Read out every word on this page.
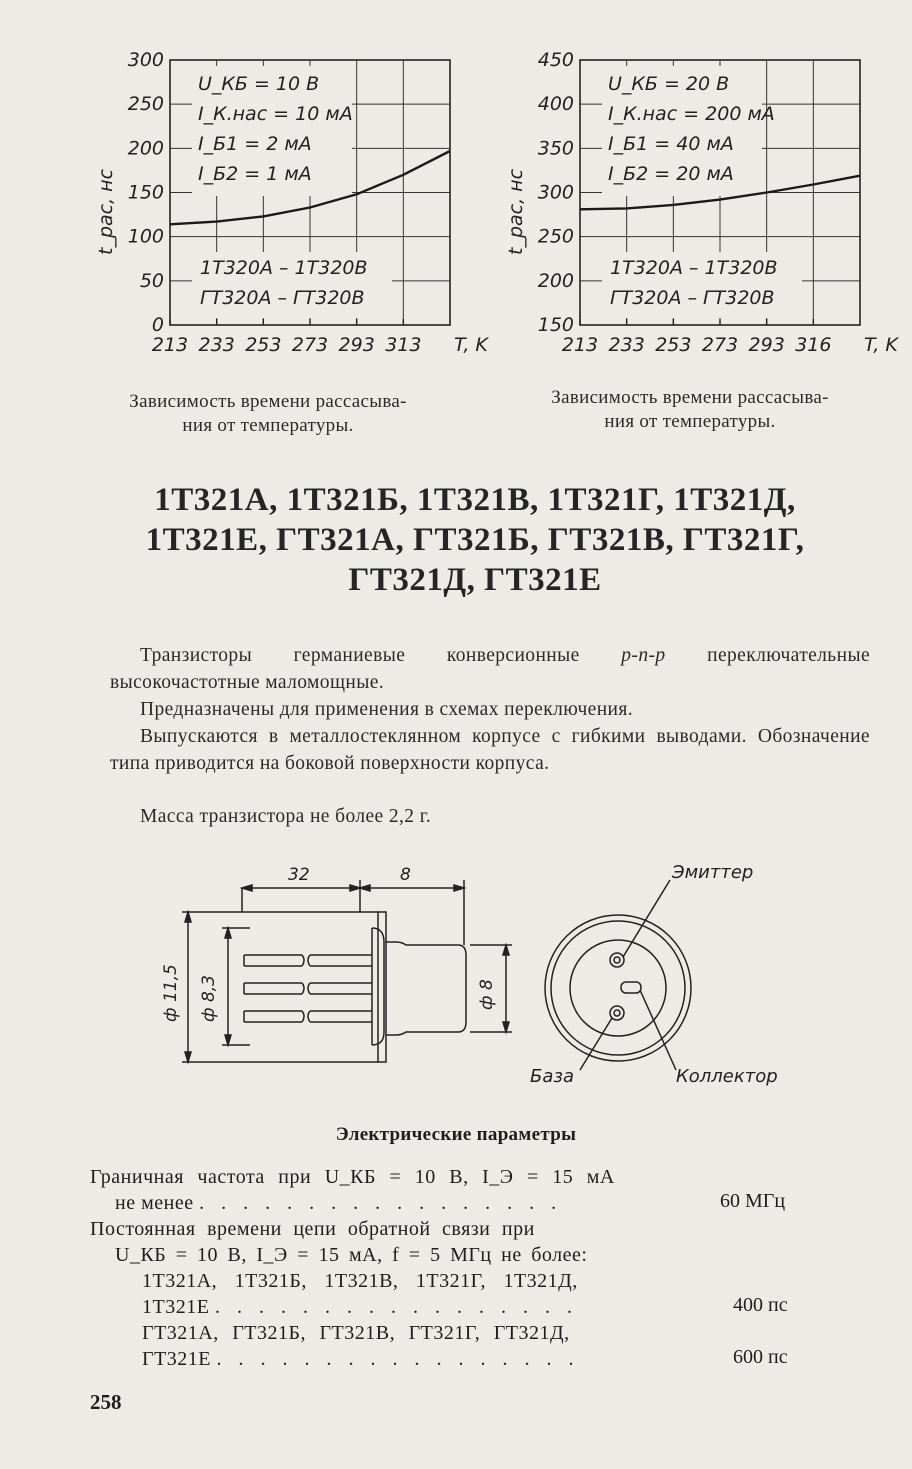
0
50
100
150
200
250
300
213 233 253 273 293 313
U_КБ = 10 В
I_К.нас = 10 мА
I_Б1 = 2 мА
I_Б2 = 1 мА
1Т320А – 1Т320В
ГТ320А – ГТ320В
t_рас, нс
T, K
150
200
250
300
350
400
450
213 233 253 273 293 316
U_КБ = 20 В
I_К.нас = 200 мА
I_Б1 = 40 мА
I_Б2 = 20 мА
1Т320А – 1Т320В
ГТ320А – ГТ320В
t_рас, нс
T, K
Зависимость времени рассасыва-
ния от температуры.
Зависимость времени рассасыва-
ния от температуры.
1Т321А, 1Т321Б, 1Т321В, 1Т321Г, 1Т321Д,
1Т321Е, ГТ321А, ГТ321Б, ГТ321В, ГТ321Г,
ГТ321Д, ГТ321Е
Транзисторы германиевые конверсионные p-n-p переключательные высокочастотные маломощные.
Предназначены для применения в схемах переключения.
Выпускаются в металлостеклянном корпусе с гибкими выводами. Обозначение типа приводится на боковой поверхности корпуса.
Масса транзистора не более 2,2 г.
32	8
ф 11,5 ф 8,3	ф 8
Эмиттер
База	Коллектор
Электрические параметры
Граничная частота при U_КБ = 10 В, I_Э = 15 мА
не менее . . . . . . . . . . . . . . . . .	60 МГц
Постоянная времени цепи обратной связи при
U_КБ = 10 В, I_Э = 15 мА, f = 5 МГц не более:
1Т321А, 1Т321Б, 1Т321В, 1Т321Г, 1Т321Д,
1Т321Е . . . . . . . . . . . . . . . . .	400 пс
ГТ321А, ГТ321Б, ГТ321В, ГТ321Г, ГТ321Д,
ГТ321Е . . . . . . . . . . . . . . . . .	600 пс
258
